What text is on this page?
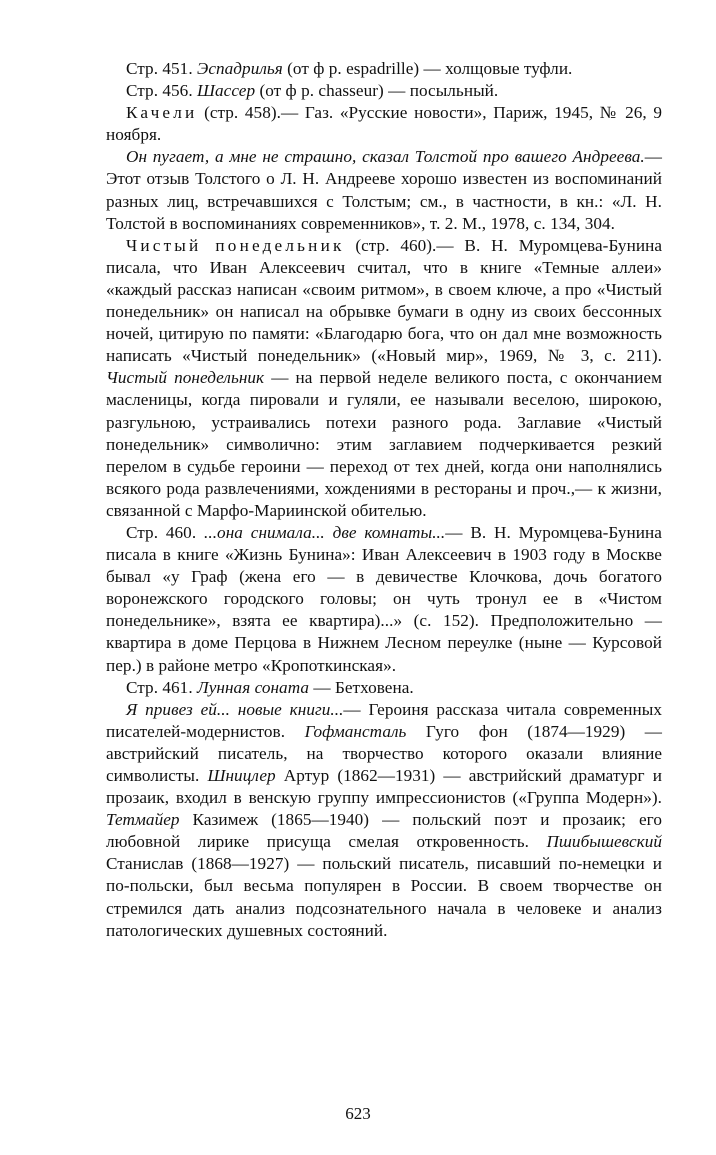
Стр. 451. Эспадрилья (от ф р. espadrille) — холщовые туфли.

Стр. 456. Шассер (от ф р. chasseur) — посыльный.

Качели (стр. 458).— Газ. «Русские новости», Париж, 1945, № 26, 9 ноября.

Он пугает, а мне не страшно, сказал Толстой про вашего Андреева.— Этот отзыв Толстого о Л. Н. Андрееве хорошо известен из воспоминаний разных лиц, встречавшихся с Толстым; см., в частности, в кн.: «Л. Н. Толстой в воспоминаниях современников», т. 2. М., 1978, с. 134, 304.

Чистый понедельник (стр. 460).— В. Н. Муромцева-Бунина писала, что Иван Алексеевич считал, что в книге «Темные аллеи» «каждый рассказ написан «своим ритмом», в своем ключе, а про «Чистый понедельник» он написал на обрывке бумаги в одну из своих бессонных ночей, цитирую по памяти: «Благодарю бога, что он дал мне возможность написать «Чистый понедельник» («Новый мир», 1969, № 3, с. 211). Чистый понедельник — на первой неделе великого поста, с окончанием масленицы, когда пировали и гуляли, ее называли веселою, широкою, разгульною, устраивались потехи разного рода. Заглавие «Чистый понедельник» символично: этим заглавием подчеркивается резкий перелом в судьбе героини — переход от тех дней, когда они наполнялись всякого рода развлечениями, хождениями в рестораны и проч.,— к жизни, связанной с Марфо-Мариинской обителью.

Стр. 460. ...она снимала... две комнаты...— В. Н. Муромцева-Бунина писала в книге «Жизнь Бунина»: Иван Алексеевич в 1903 году в Москве бывал «у Граф (жена его — в девичестве Клочкова, дочь богатого воронежского городского головы; он чуть тронул ее в «Чистом понедельнике», взята ее квартира)...» (с. 152). Предположительно — квартира в доме Перцова в Нижнем Лесном переулке (ныне — Курсовой пер.) в районе метро «Кропоткинская».

Стр. 461. Лунная соната — Бетховена.

Я привез ей... новые книги...— Героиня рассказа читала современных писателей-модернистов. Гофмансталь Гуго фон (1874—1929) — австрийский писатель, на творчество которого оказали влияние символисты. Шницлер Артур (1862—1931) — австрийский драматург и прозаик, входил в венскую группу импрессионистов («Группа Модерн»). Тетмайер Казимеж (1865—1940) — польский поэт и прозаик; его любовной лирике присуща смелая откровенность. Пшибышевский Станислав (1868—1927) — польский писатель, писавший по-немецки и по-польски, был весьма популярен в России. В своем творчестве он стремился дать анализ подсознательного начала в человеке и анализ патологических душевных состояний.

623
